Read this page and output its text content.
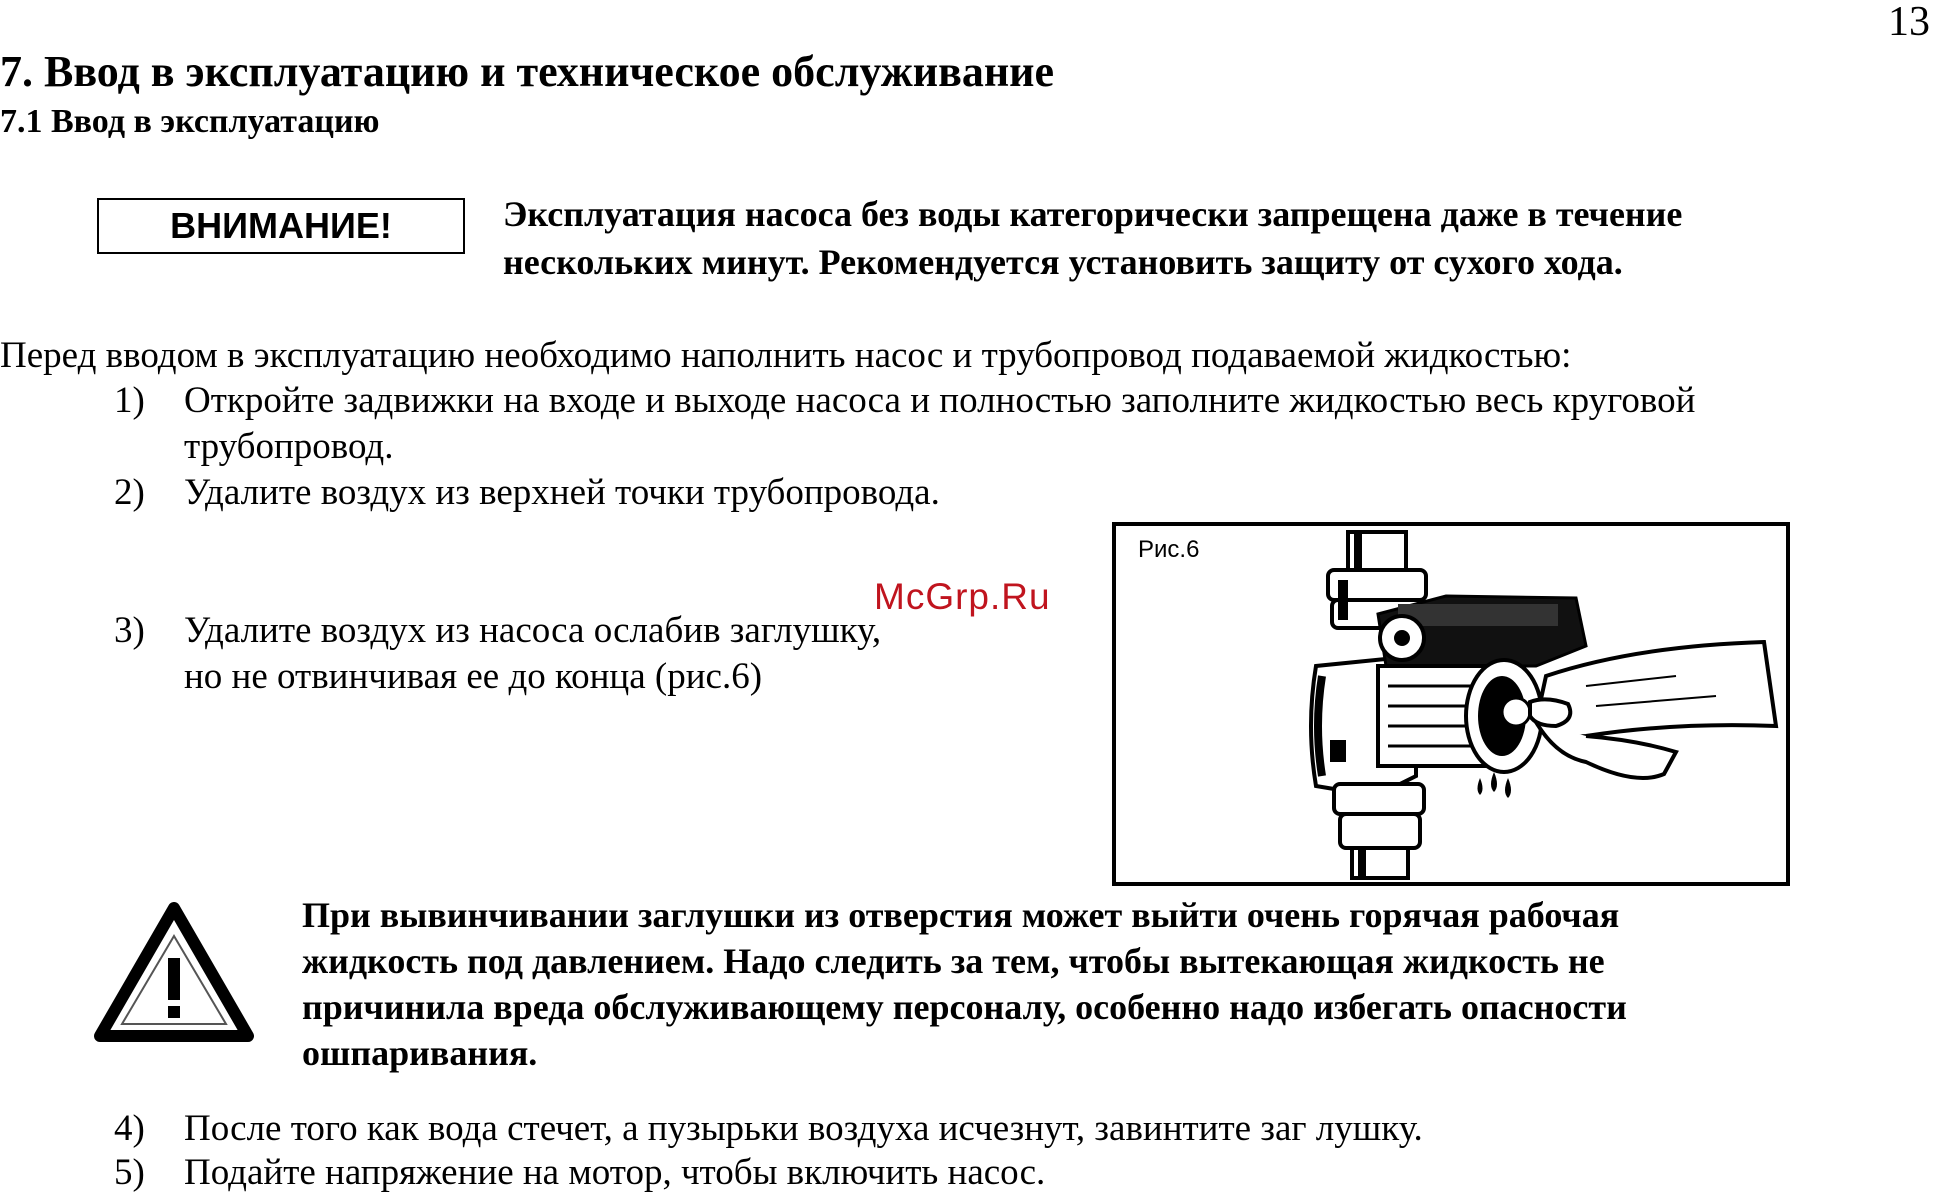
13
7. Ввод в эксплуатацию и техническое обслуживание
7.1 Ввод в эксплуатацию
ВНИМАНИЕ!	Эксплуатация насоса без воды категорически запрещена даже в течение
нескольких минут. Рекомендуется установить защиту от сухого хода.
Перед вводом в эксплуатацию необходимо наполнить насос и трубопровод подаваемой жидкостью:
1) Откройте задвижки на входе и выходе насоса и полностью заполните жидкостью весь круговой
трубопровод.
2) Удалите воздух из верхней точки трубопровода.
McGrp.Ru
3) Удалите воздух из насоса ослабив заглушку,
но не отвинчивая ее до конца (рис.6)
Рис.6
При вывинчивании заглушки из отверстия может выйти очень горячая рабочая
жидкость под давлением. Надо следить за тем, чтобы вытекающая жидкость не
причинила вреда обслуживающему персоналу, особенно надо избегать опасности
ошпаривания.
4) После того как вода стечет, а пузырьки воздуха исчезнут, завинтите заг лушку.
5) Подайте напряжение на мотор, чтобы включить насос.
